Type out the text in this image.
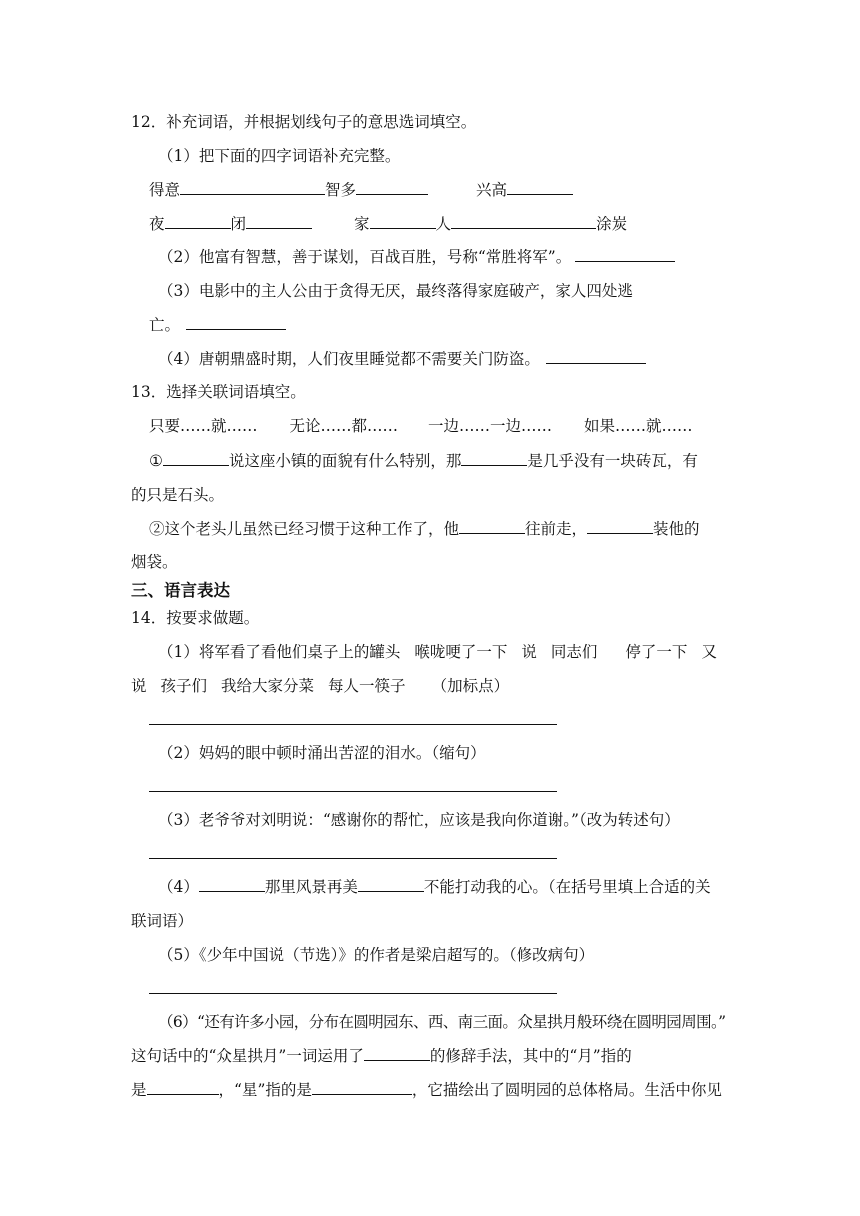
12．补充词语，并根据划线句子的意思选词填空。
（1）把下面的四字词语补充完整。
得意	智多	兴高
夜	闭	家	人	涂炭
（2）他富有智慧，善于谋划，百战百胜，号称“常胜将军”。
（3）电影中的主人公由于贪得无厌，最终落得家庭破产，家人四处逃
亡。
（4）唐朝鼎盛时期，人们夜里睡觉都不需要关门防盗。
13．选择关联词语填空。
只要……就…… 无论……都…… 一边……一边…… 如果……就……
①	说这座小镇的面貌有什么特别，那	是几乎没有一块砖瓦，有
的只是石头。
②这个老头儿虽然已经习惯于这种工作了，他	往前走，	装他的
烟袋。
三、语言表达
14．按要求做题。
（1）将军看了看他们桌子上的罐头 喉咙哽了一下 说 同志们 停了一下 又
说 孩子们 我给大家分菜 每人一筷子 （加标点）
（2）妈妈的眼中顿时涌出苦涩的泪水。（缩句）
（3）老爷爷对刘明说：“感谢你的帮忙，应该是我向你道谢。”（改为转述句）
（4）	那里风景再美	不能打动我的心。（在括号里填上合适的关
联词语）
（5）《少年中国说（节选）》的作者是梁启超写的。（修改病句）
（6）“还有许多小园，分布在圆明园东、西、南三面。众星拱月般环绕在圆明园周围。”
这句话中的“众星拱月”一词运用了	的修辞手法，其中的“月”指的
是	，“星”指的是	，它描绘出了圆明园的总体格局。生活中你见
